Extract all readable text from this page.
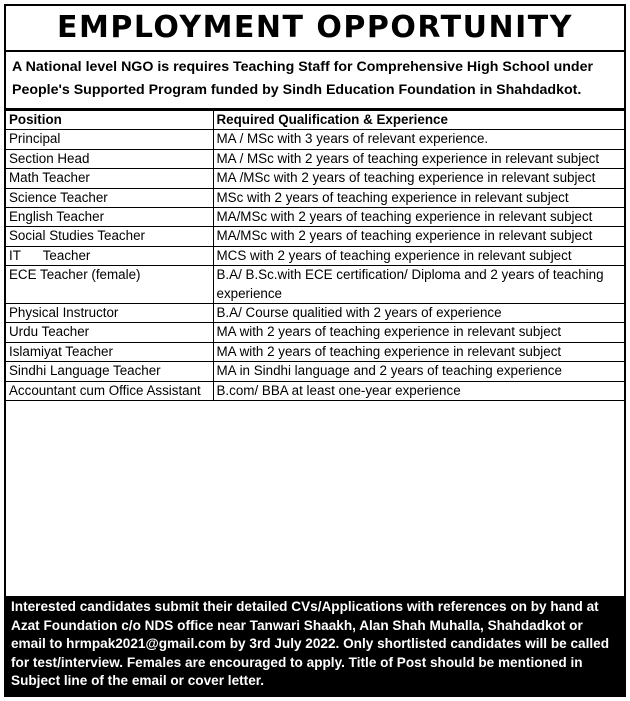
EMPLOYMENT OPPORTUNITY
A National level NGO is requires Teaching Staff for Comprehensive High School under People's Supported Program funded by Sindh Education Foundation in Shahdadkot.
Position	Required Qualification & Experience
Principal	MA / MSc with 3 years of relevant experience.
Section Head	MA / MSc with 2 years of teaching experience in relevant subject
Math Teacher	MA /MSc with 2 years of teaching experience in relevant subject
Science Teacher	MSc with 2 years of teaching experience in relevant subject
English Teacher	MA/MSc with 2 years of teaching experience in relevant subject
Social Studies Teacher	MA/MSc with 2 years of teaching experience in relevant subject
IT      Teacher	MCS with 2 years of teaching experience in relevant subject
ECE Teacher (female)	B.A/ B.Sc.with ECE certification/ Diploma and 2 years of teaching experience
Physical Instructor	B.A/ Course qualitied with 2 years of experience
Urdu Teacher	MA with 2 years of teaching experience in relevant subject
Islamiyat Teacher	MA with 2 years of teaching experience in relevant subject
Sindhi Language Teacher	MA in Sindhi language and 2 years of teaching experience
Accountant cum Office Assistant	B.com/ BBA at least one-year experience
Interested candidates submit their detailed CVs/Applications with references on by hand at Azat Foundation c/o NDS office near Tanwari Shaakh, Alan Shah Muhalla, Shahdadkot or email to hrmpak2021@gmail.com by 3rd July 2022. Only shortlisted candidates will be called for test/interview. Females are encouraged to apply. Title of Post should be mentioned in Subject line of the email or cover letter.
